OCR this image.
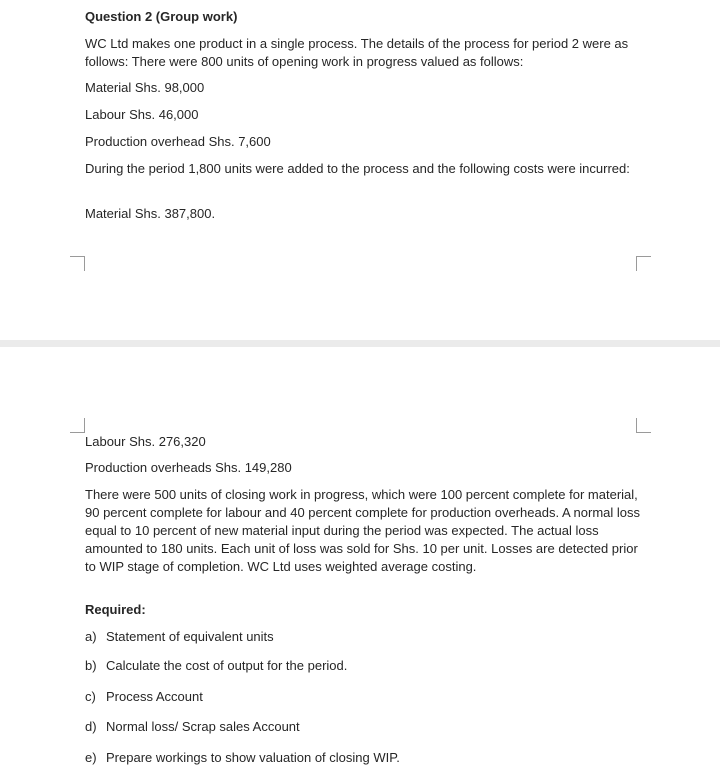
Question 2 (Group work)
WC Ltd makes one product in a single process. The details of the process for period 2 were as follows: There were 800 units of opening work in progress valued as follows:
Material Shs. 98,000
Labour Shs. 46,000
Production overhead Shs. 7,600
During the period 1,800 units were added to the process and the following costs were incurred:
Material Shs. 387,800.
Labour Shs. 276,320
Production overheads Shs. 149,280
There were 500 units of closing work in progress, which were 100 percent complete for material, 90 percent complete for labour and 40 percent complete for production overheads. A normal loss equal to 10 percent of new material input during the period was expected. The actual loss amounted to 180 units. Each unit of loss was sold for Shs. 10 per unit. Losses are detected prior to WIP stage of completion. WC Ltd uses weighted average costing.
Required:
a) Statement of equivalent units
b) Calculate the cost of output for the period.
c) Process Account
d) Normal loss/ Scrap sales Account
e) Prepare workings to show valuation of closing WIP.
